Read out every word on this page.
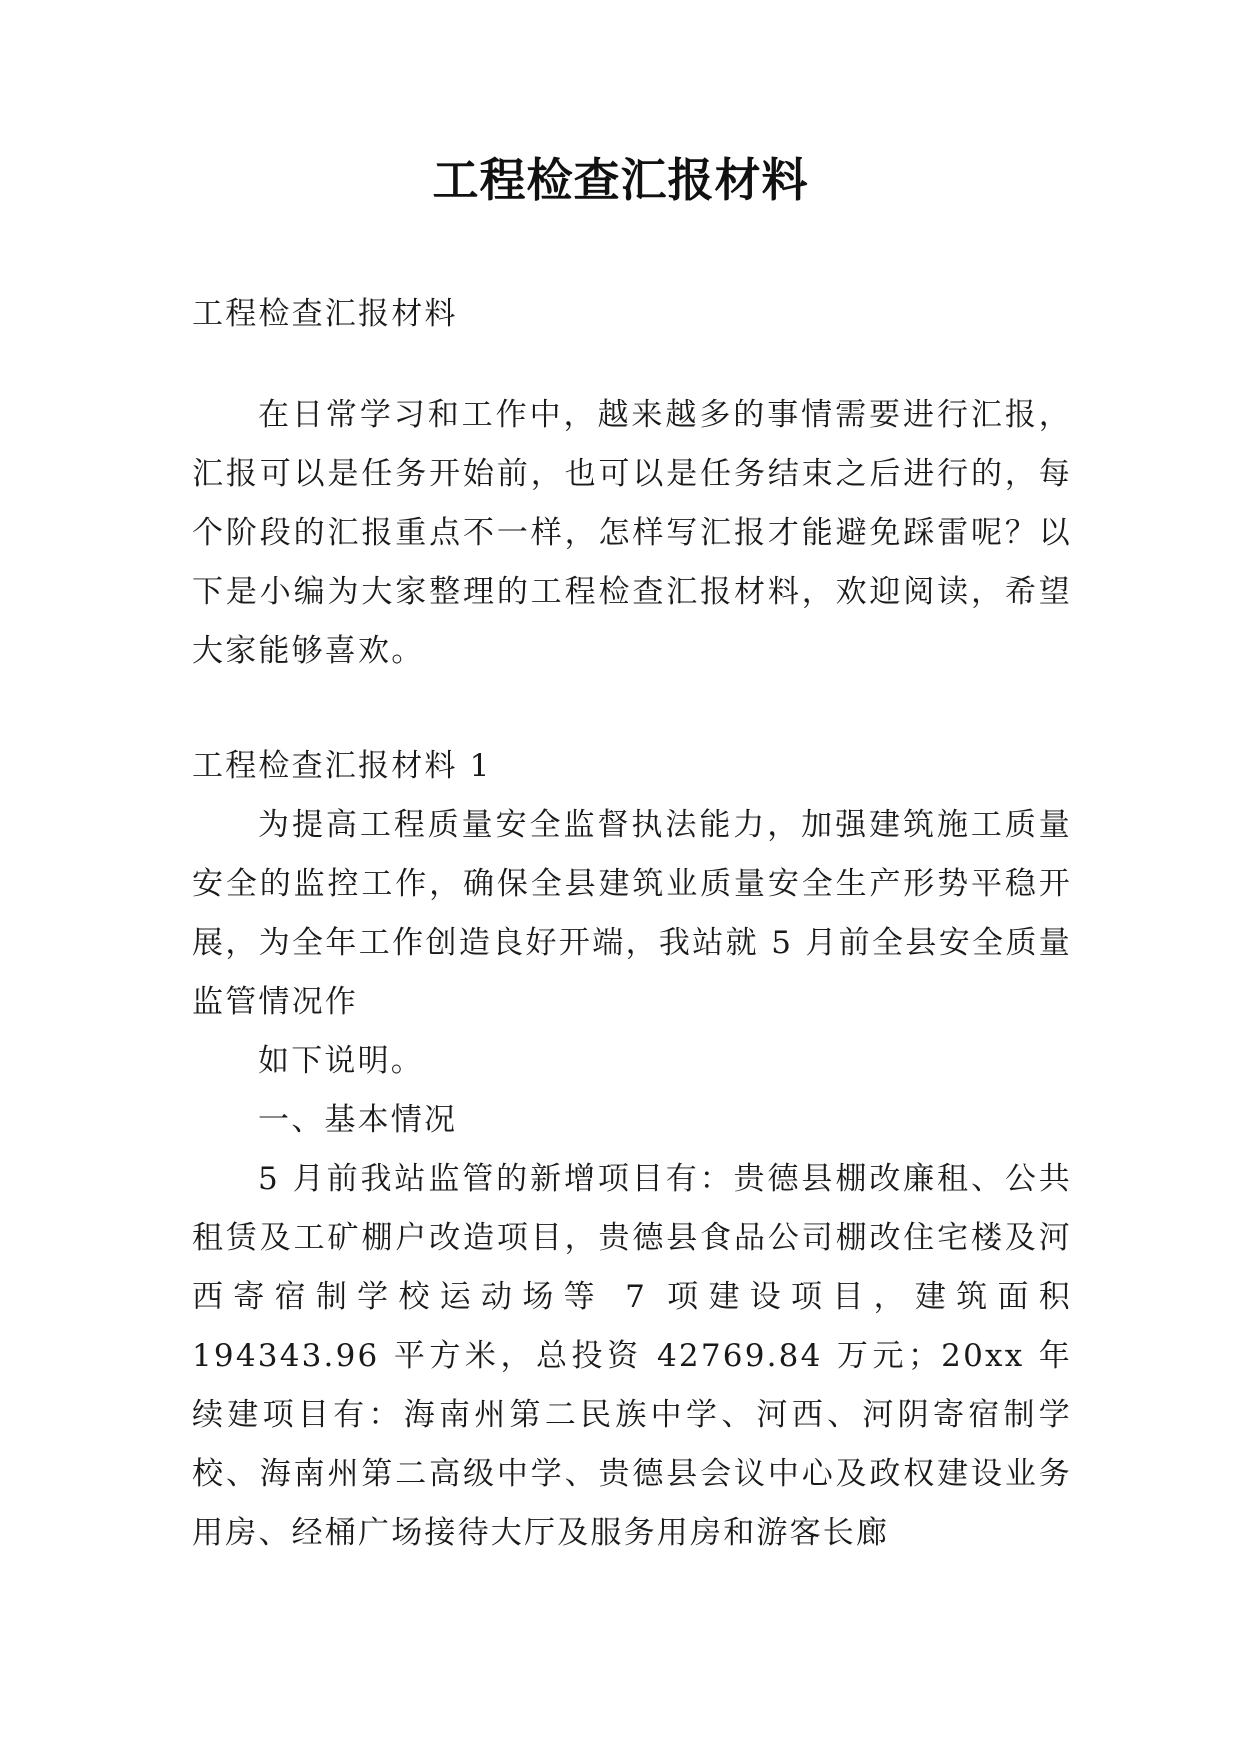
工程检查汇报材料

工程检查汇报材料

在日常学习和工作中，越来越多的事情需要进行汇报，汇报可以是任务开始前，也可以是任务结束之后进行的，每个阶段的汇报重点不一样，怎样写汇报才能避免踩雷呢？以下是小编为大家整理的工程检查汇报材料，欢迎阅读，希望大家能够喜欢。

工程检查汇报材料 1

为提高工程质量安全监督执法能力，加强建筑施工质量安全的监控工作，确保全县建筑业质量安全生产形势平稳开展，为全年工作创造良好开端，我站就 5 月前全县安全质量监管情况作

如下说明。

一、基本情况

5 月前我站监管的新增项目有：贵德县棚改廉租、公共租赁及工矿棚户改造项目，贵德县食品公司棚改住宅楼及河西寄宿制学校运动场等 7 项建设项目，建筑面积 194343.96 平方米，总投资 42769.84 万元；20xx 年续建项目有：海南州第二民族中学、河西、河阴寄宿制学校、海南州第二高级中学、贵德县会议中心及政权建设业务用房、经桶广场接待大厅及服务用房和游客长廊
